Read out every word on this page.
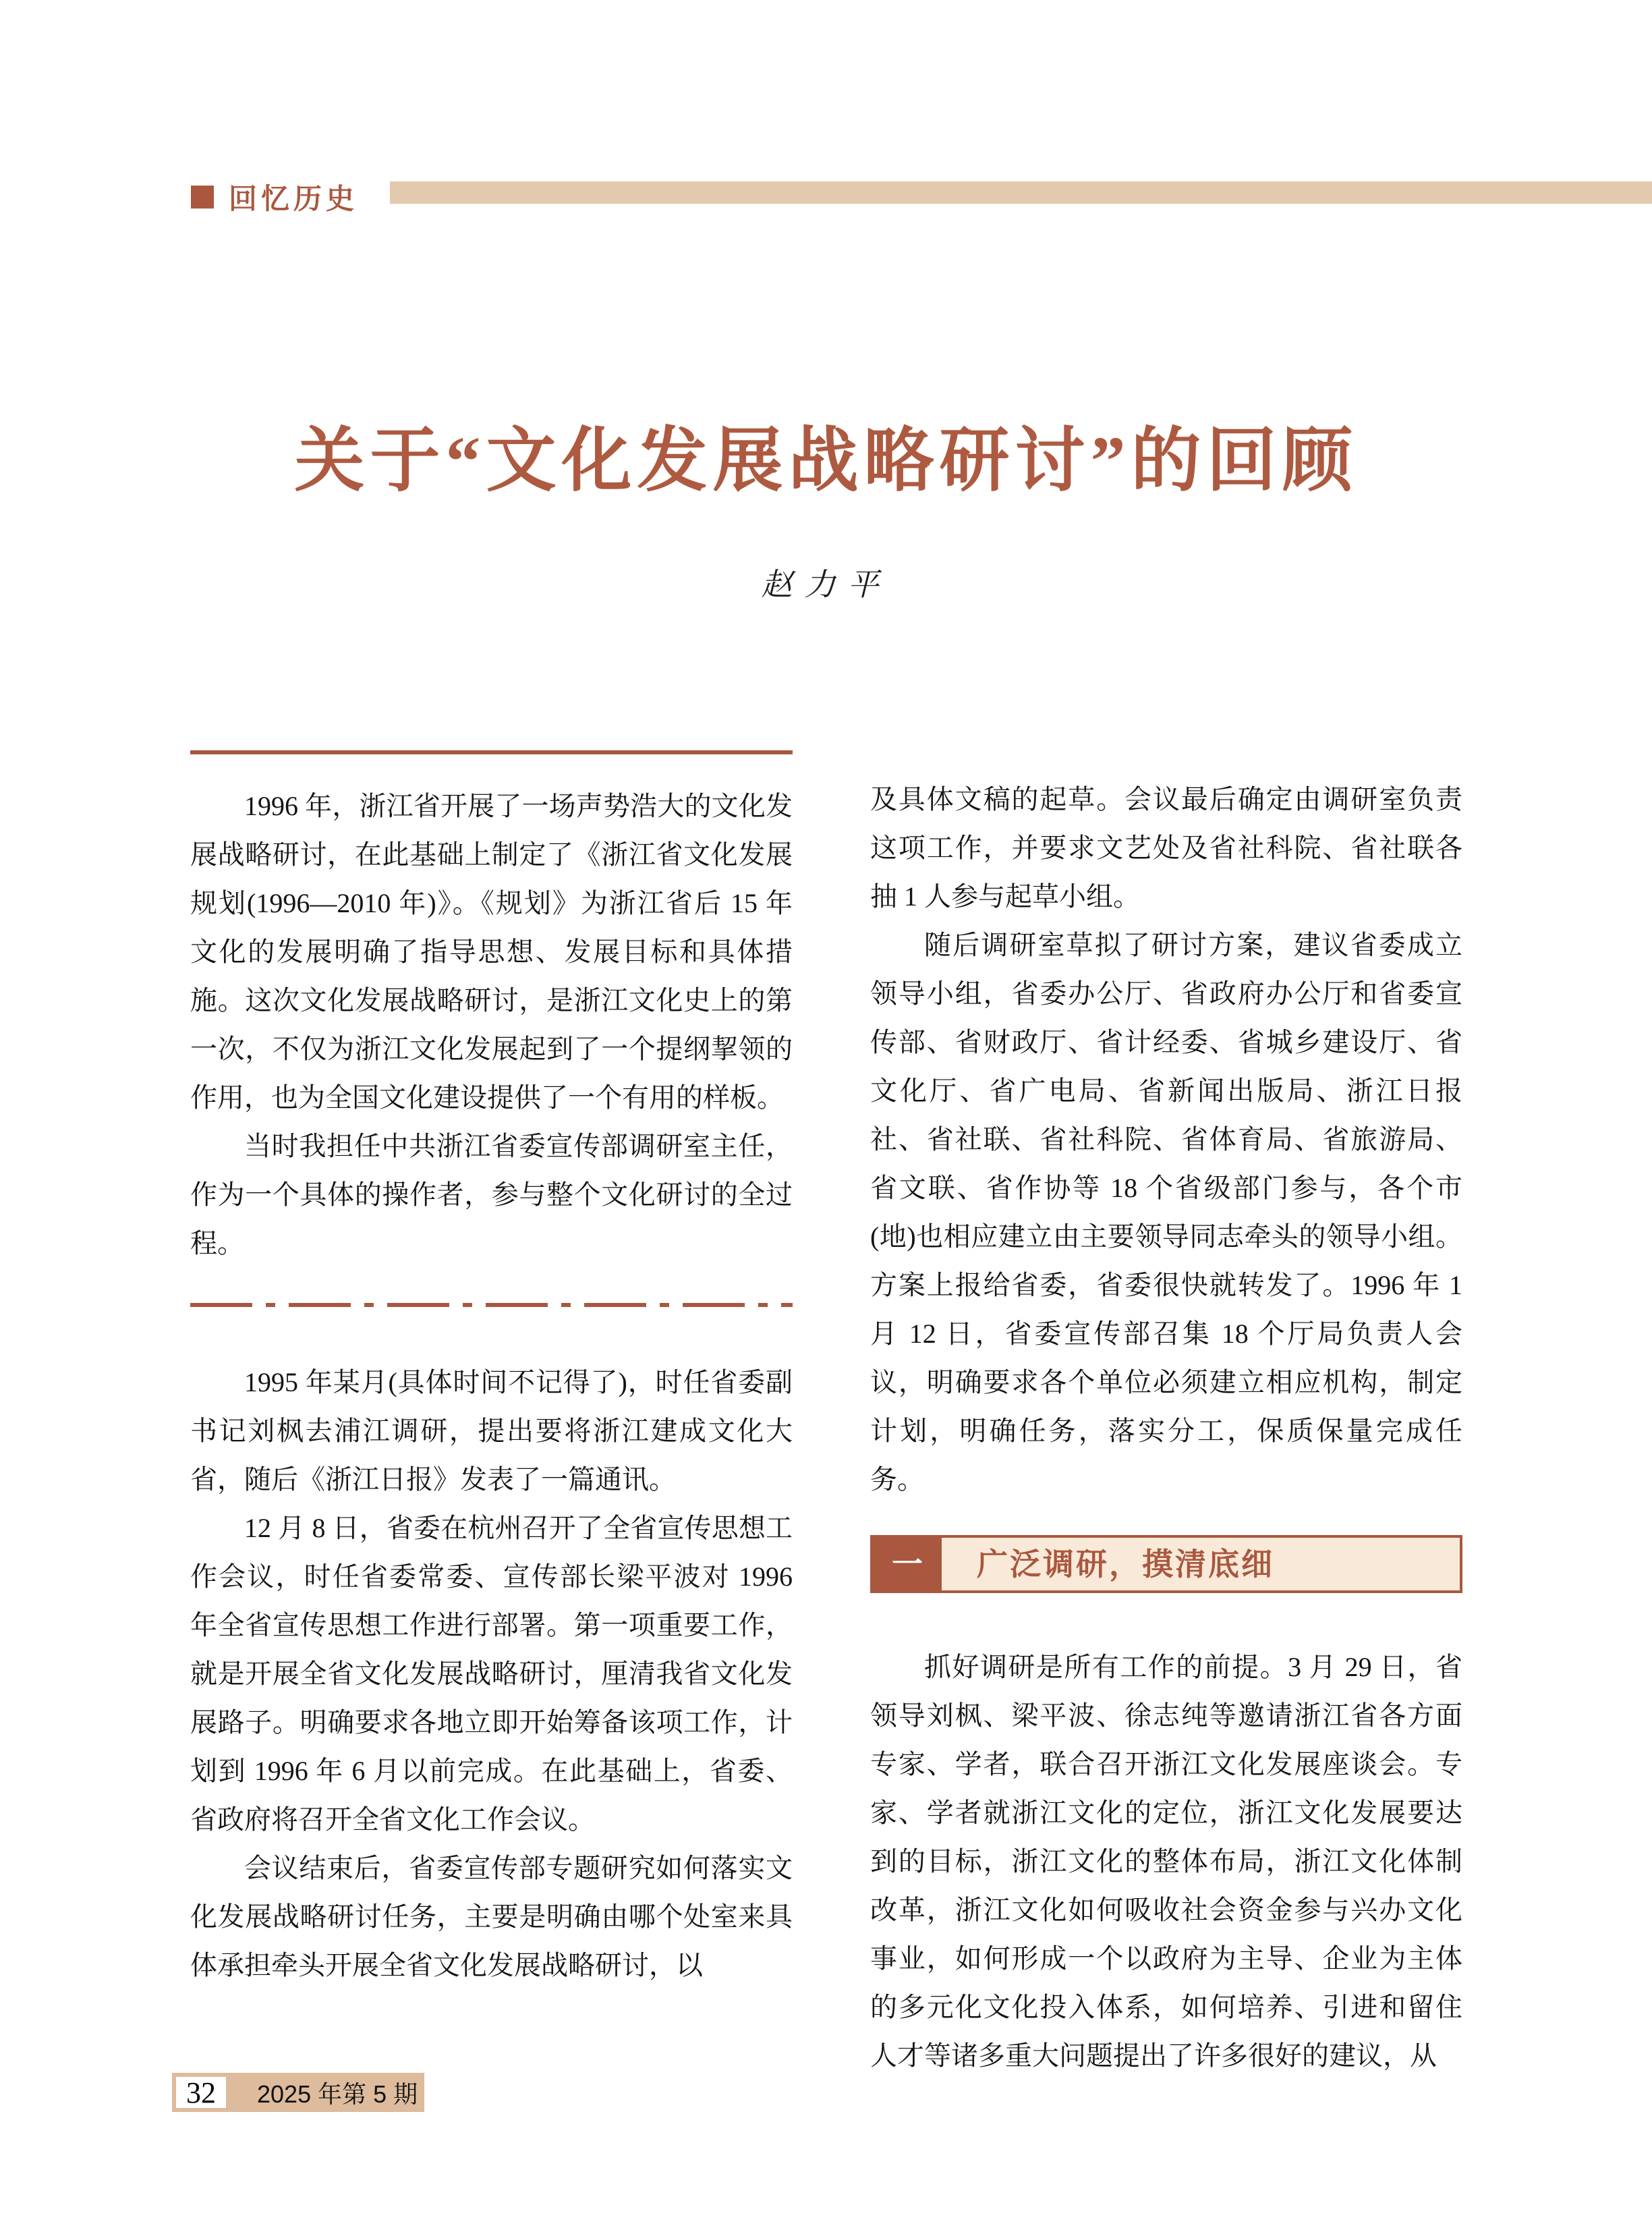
回忆历史
关于“文化发展战略研讨”的回顾
赵力平

1996 年，浙江省开展了一场声势浩大的文化发展战略研讨，在此基础上制定了《浙江省文化发展规划(1996—2010 年)》。《规划》为浙江省后 15 年文化的发展明确了指导思想、发展目标和具体措施。这次文化发展战略研讨，是浙江文化史上的第一次，不仅为浙江文化发展起到了一个提纲挈领的作用，也为全国文化建设提供了一个有用的样板。

当时我担任中共浙江省委宣传部调研室主任，作为一个具体的操作者，参与整个文化研讨的全过程。

1995 年某月(具体时间不记得了)，时任省委副书记刘枫去浦江调研，提出要将浙江建成文化大省，随后《浙江日报》发表了一篇通讯。

12 月 8 日，省委在杭州召开了全省宣传思想工作会议，时任省委常委、宣传部长梁平波对 1996 年全省宣传思想工作进行部署。第一项重要工作，就是开展全省文化发展战略研讨，厘清我省文化发展路子。明确要求各地立即开始筹备该项工作，计划到 1996 年 6 月以前完成。在此基础上，省委、省政府将召开全省文化工作会议。

会议结束后，省委宣传部专题研究如何落实文化发展战略研讨任务，主要是明确由哪个处室来具体承担牵头开展全省文化发展战略研讨，以

及具体文稿的起草。会议最后确定由调研室负责这项工作，并要求文艺处及省社科院、省社联各抽 1 人参与起草小组。

随后调研室草拟了研讨方案，建议省委成立领导小组，省委办公厅、省政府办公厅和省委宣传部、省财政厅、省计经委、省城乡建设厅、省文化厅、省广电局、省新闻出版局、浙江日报社、省社联、省社科院、省体育局、省旅游局、省文联、省作协等 18 个省级部门参与，各个市(地)也相应建立由主要领导同志牵头的领导小组。方案上报给省委，省委很快就转发了。1996 年 1 月 12 日，省委宣传部召集 18 个厅局负责人会议，明确要求各个单位必须建立相应机构，制定计划，明确任务，落实分工，保质保量完成任务。

一	广泛调研，摸清底细

抓好调研是所有工作的前提。3 月 29 日，省领导刘枫、梁平波、徐志纯等邀请浙江省各方面专家、学者，联合召开浙江文化发展座谈会。专家、学者就浙江文化的定位，浙江文化发展要达到的目标，浙江文化的整体布局，浙江文化体制改革，浙江文化如何吸收社会资金参与兴办文化事业，如何形成一个以政府为主导、企业为主体的多元化文化投入体系，如何培养、引进和留住人才等诸多重大问题提出了许多很好的建议，从

32	2025 年第 5 期
